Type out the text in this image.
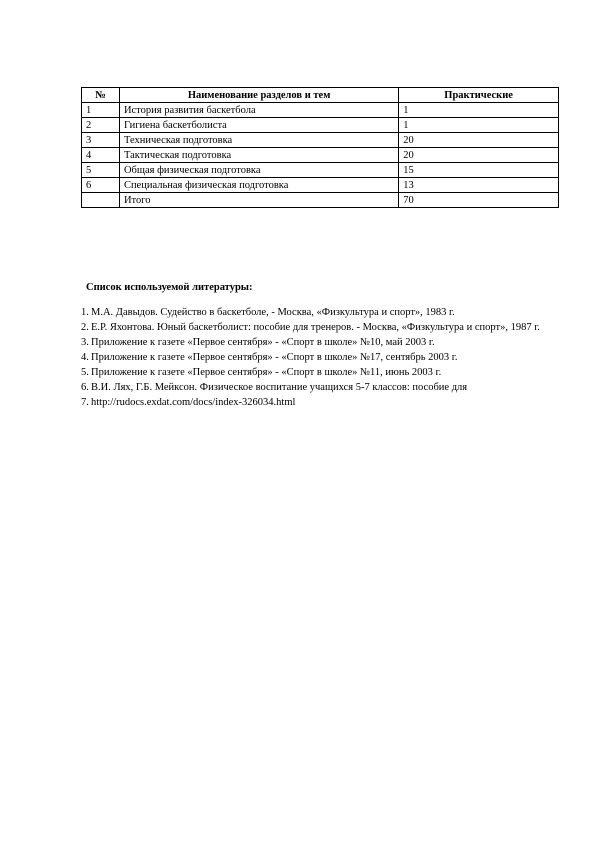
№	Наименование разделов и тем	Практические
1	История развития баскетбола	1
2	Гигиена баскетболиста	1
3	Техническая подготовка	20
4	Тактическая подготовка	20
5	Общая физическая подготовка	15
6	Специальная физическая подготовка	13
	Итого	70
Список используемой литературы:
1. М.А. Давыдов. Судейство в баскетболе, - Москва, «Физкультура и спорт», 1983 г.
2. Е.Р. Яхонтова. Юный баскетболист: пособие для тренеров. - Москва, «Физкультура и спорт», 1987 г.
3. Приложение к газете «Первое сентября» - «Спорт в школе» №10, май 2003 г.
4. Приложение к газете «Первое сентября» - «Спорт в школе» №17, сентябрь 2003 г.
5. Приложение к газете «Первое сентября» - «Спорт в школе» №11, июнь 2003 г.
6. В.И. Лях, Г.Б. Мейксон. Физическое воспитание учащихся 5-7 классов: пособие для
7. http://rudocs.exdat.com/docs/index-326034.html
